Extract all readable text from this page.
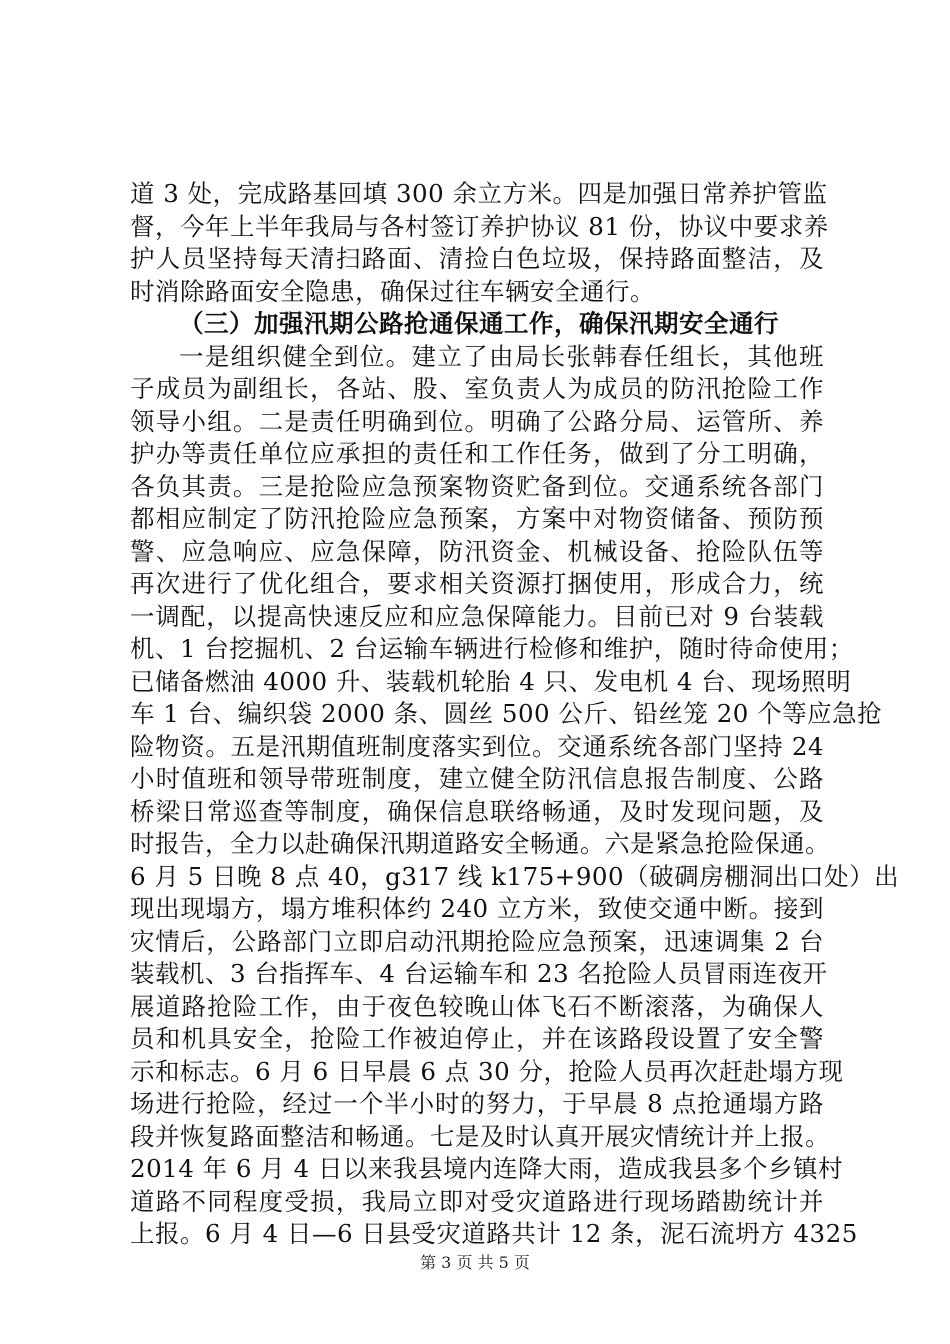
道 3 处，完成路基回填 300 余立方米。四是加强日常养护管监
督，今年上半年我局与各村签订养护协议 81 份，协议中要求养
护人员坚持每天清扫路面、清捡白色垃圾，保持路面整洁，及
时消除路面安全隐患，确保过往车辆安全通行。
（三）加强汛期公路抢通保通工作，确保汛期安全通行
一是组织健全到位。建立了由局长张韩春任组长，其他班
子成员为副组长，各站、股、室负责人为成员的防汛抢险工作
领导小组。二是责任明确到位。明确了公路分局、运管所、养
护办等责任单位应承担的责任和工作任务，做到了分工明确，
各负其责。三是抢险应急预案物资贮备到位。交通系统各部门
都相应制定了防汛抢险应急预案，方案中对物资储备、预防预
警、应急响应、应急保障，防汛资金、机械设备、抢险队伍等
再次进行了优化组合，要求相关资源打捆使用，形成合力，统
一调配，以提高快速反应和应急保障能力。目前已对 9 台装载
机、1 台挖掘机、2 台运输车辆进行检修和维护，随时待命使用；
已储备燃油 4000 升、装载机轮胎 4 只、发电机 4 台、现场照明
车 1 台、编织袋 2000 条、圆丝 500 公斤、铅丝笼 20 个等应急抢
险物资。五是汛期值班制度落实到位。交通系统各部门坚持 24
小时值班和领导带班制度，建立健全防汛信息报告制度、公路
桥梁日常巡查等制度，确保信息联络畅通，及时发现问题，及
时报告，全力以赴确保汛期道路安全畅通。六是紧急抢险保通。
6 月 5 日晚 8 点 40，g317 线 k175+900（破碉房棚洞出口处）出
现出现塌方，塌方堆积体约 240 立方米，致使交通中断。接到
灾情后，公路部门立即启动汛期抢险应急预案，迅速调集 2 台
装载机、3 台指挥车、4 台运输车和 23 名抢险人员冒雨连夜开
展道路抢险工作，由于夜色较晚山体飞石不断滚落，为确保人
员和机具安全，抢险工作被迫停止，并在该路段设置了安全警
示和标志。6 月 6 日早晨 6 点 30 分，抢险人员再次赶赴塌方现
场进行抢险，经过一个半小时的努力，于早晨 8 点抢通塌方路
段并恢复路面整洁和畅通。七是及时认真开展灾情统计并上报。
2014 年 6 月 4 日以来我县境内连降大雨，造成我县多个乡镇村
道路不同程度受损，我局立即对受灾道路进行现场踏勘统计并
上报。6 月 4 日—6 日县受灾道路共计 12 条，泥石流坍方 4325
第 3 页 共 5 页
